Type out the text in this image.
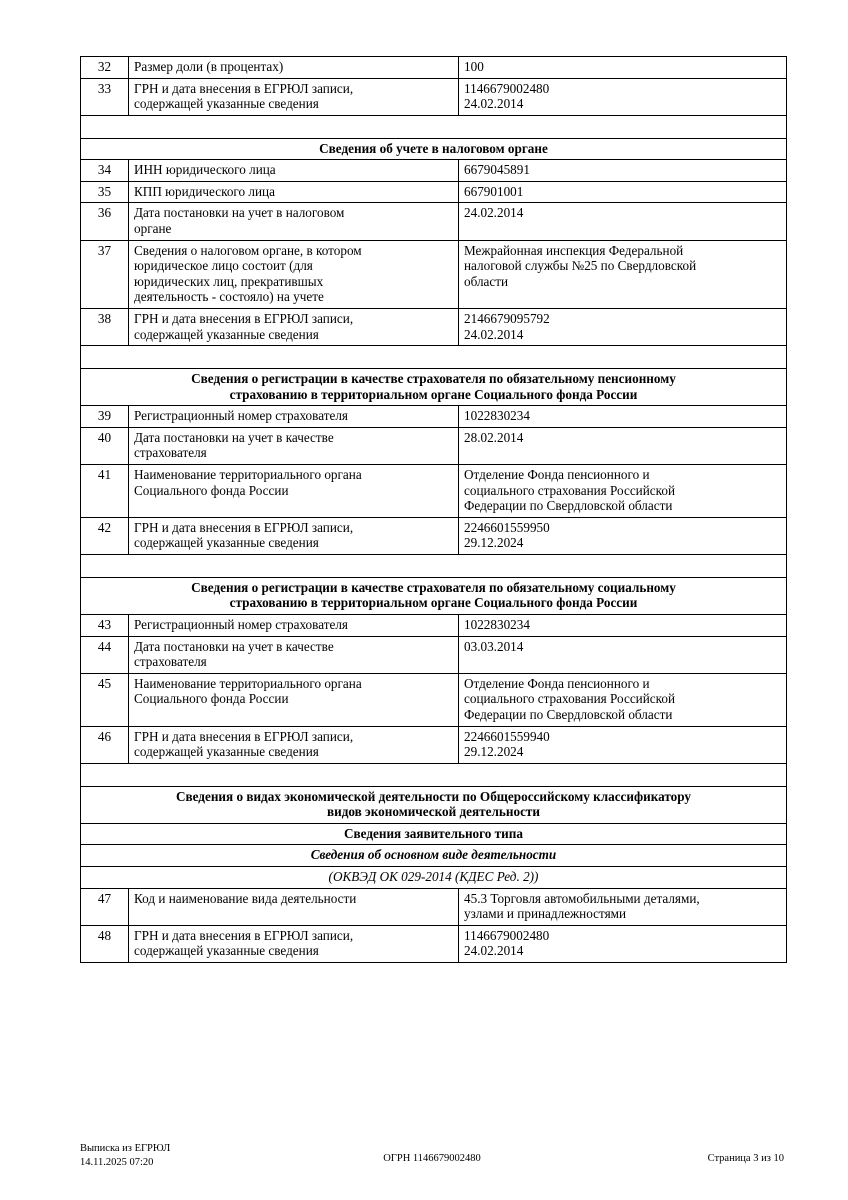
32	Размер доли (в процентах)	100

33	ГРН и дата внесения в ЕГРЮЛ записи,
содержащей указанные сведения	1146679002480
24.02.2014

Сведения об учете в налоговом органе		

34	ИНН юридического лица	6679045891

35	КПП юридического лица	667901001

36	Дата постановки на учет в налоговом
органе	24.02.2014

37	Сведения о налоговом органе, в котором
юридическое лицо состоит (для
юридических лиц, прекратившых
деятельность - состояло) на учете	Межрайонная инспекция Федеральной
налоговой службы №25 по Свердловской
области

38	ГРН и дата внесения в ЕГРЮЛ записи,
содержащей указанные сведения	2146679095792
24.02.2014

Сведения о регистрации в качестве страхователя по обязательному пенсионному
страхованию в территориальном органе Социального фонда России		

39	Регистрационный номер страхователя	1022830234

40	Дата постановки на учет в качестве
страхователя	28.02.2014

41	Наименование территориального органа
Социального фонда России	Отделение Фонда пенсионного и
социального страхования Российской
Федерации по Свердловской области

42	ГРН и дата внесения в ЕГРЮЛ записи,
содержащей указанные сведения	2246601559950
29.12.2024

Сведения о регистрации в качестве страхователя по обязательному социальному
страхованию в территориальном органе Социального фонда России		

43	Регистрационный номер страхователя	1022830234

44	Дата постановки на учет в качестве
страхователя	03.03.2014

45	Наименование территориального органа
Социального фонда России	Отделение Фонда пенсионного и
социального страхования Российской
Федерации по Свердловской области

46	ГРН и дата внесения в ЕГРЮЛ записи,
содержащей указанные сведения	2246601559940
29.12.2024

Сведения о видах экономической деятельности по Общероссийскому классификатору
видов экономической деятельности		

Сведения заявительного типа		

Сведения об основном виде деятельности		

(ОКВЭД ОК 029-2014 (КДЕС Ред. 2))		

47	Код и наименование вида деятельности	45.3 Торговля автомобильными деталями,
узлами и принадлежностями

48	ГРН и дата внесения в ЕГРЮЛ записи,
содержащей указанные сведения	1146679002480
24.02.2014
Выписка из ЕГРЮЛ
14.11.2025 07:20	ОГРН 1146679002480	Страница 3 из 10
